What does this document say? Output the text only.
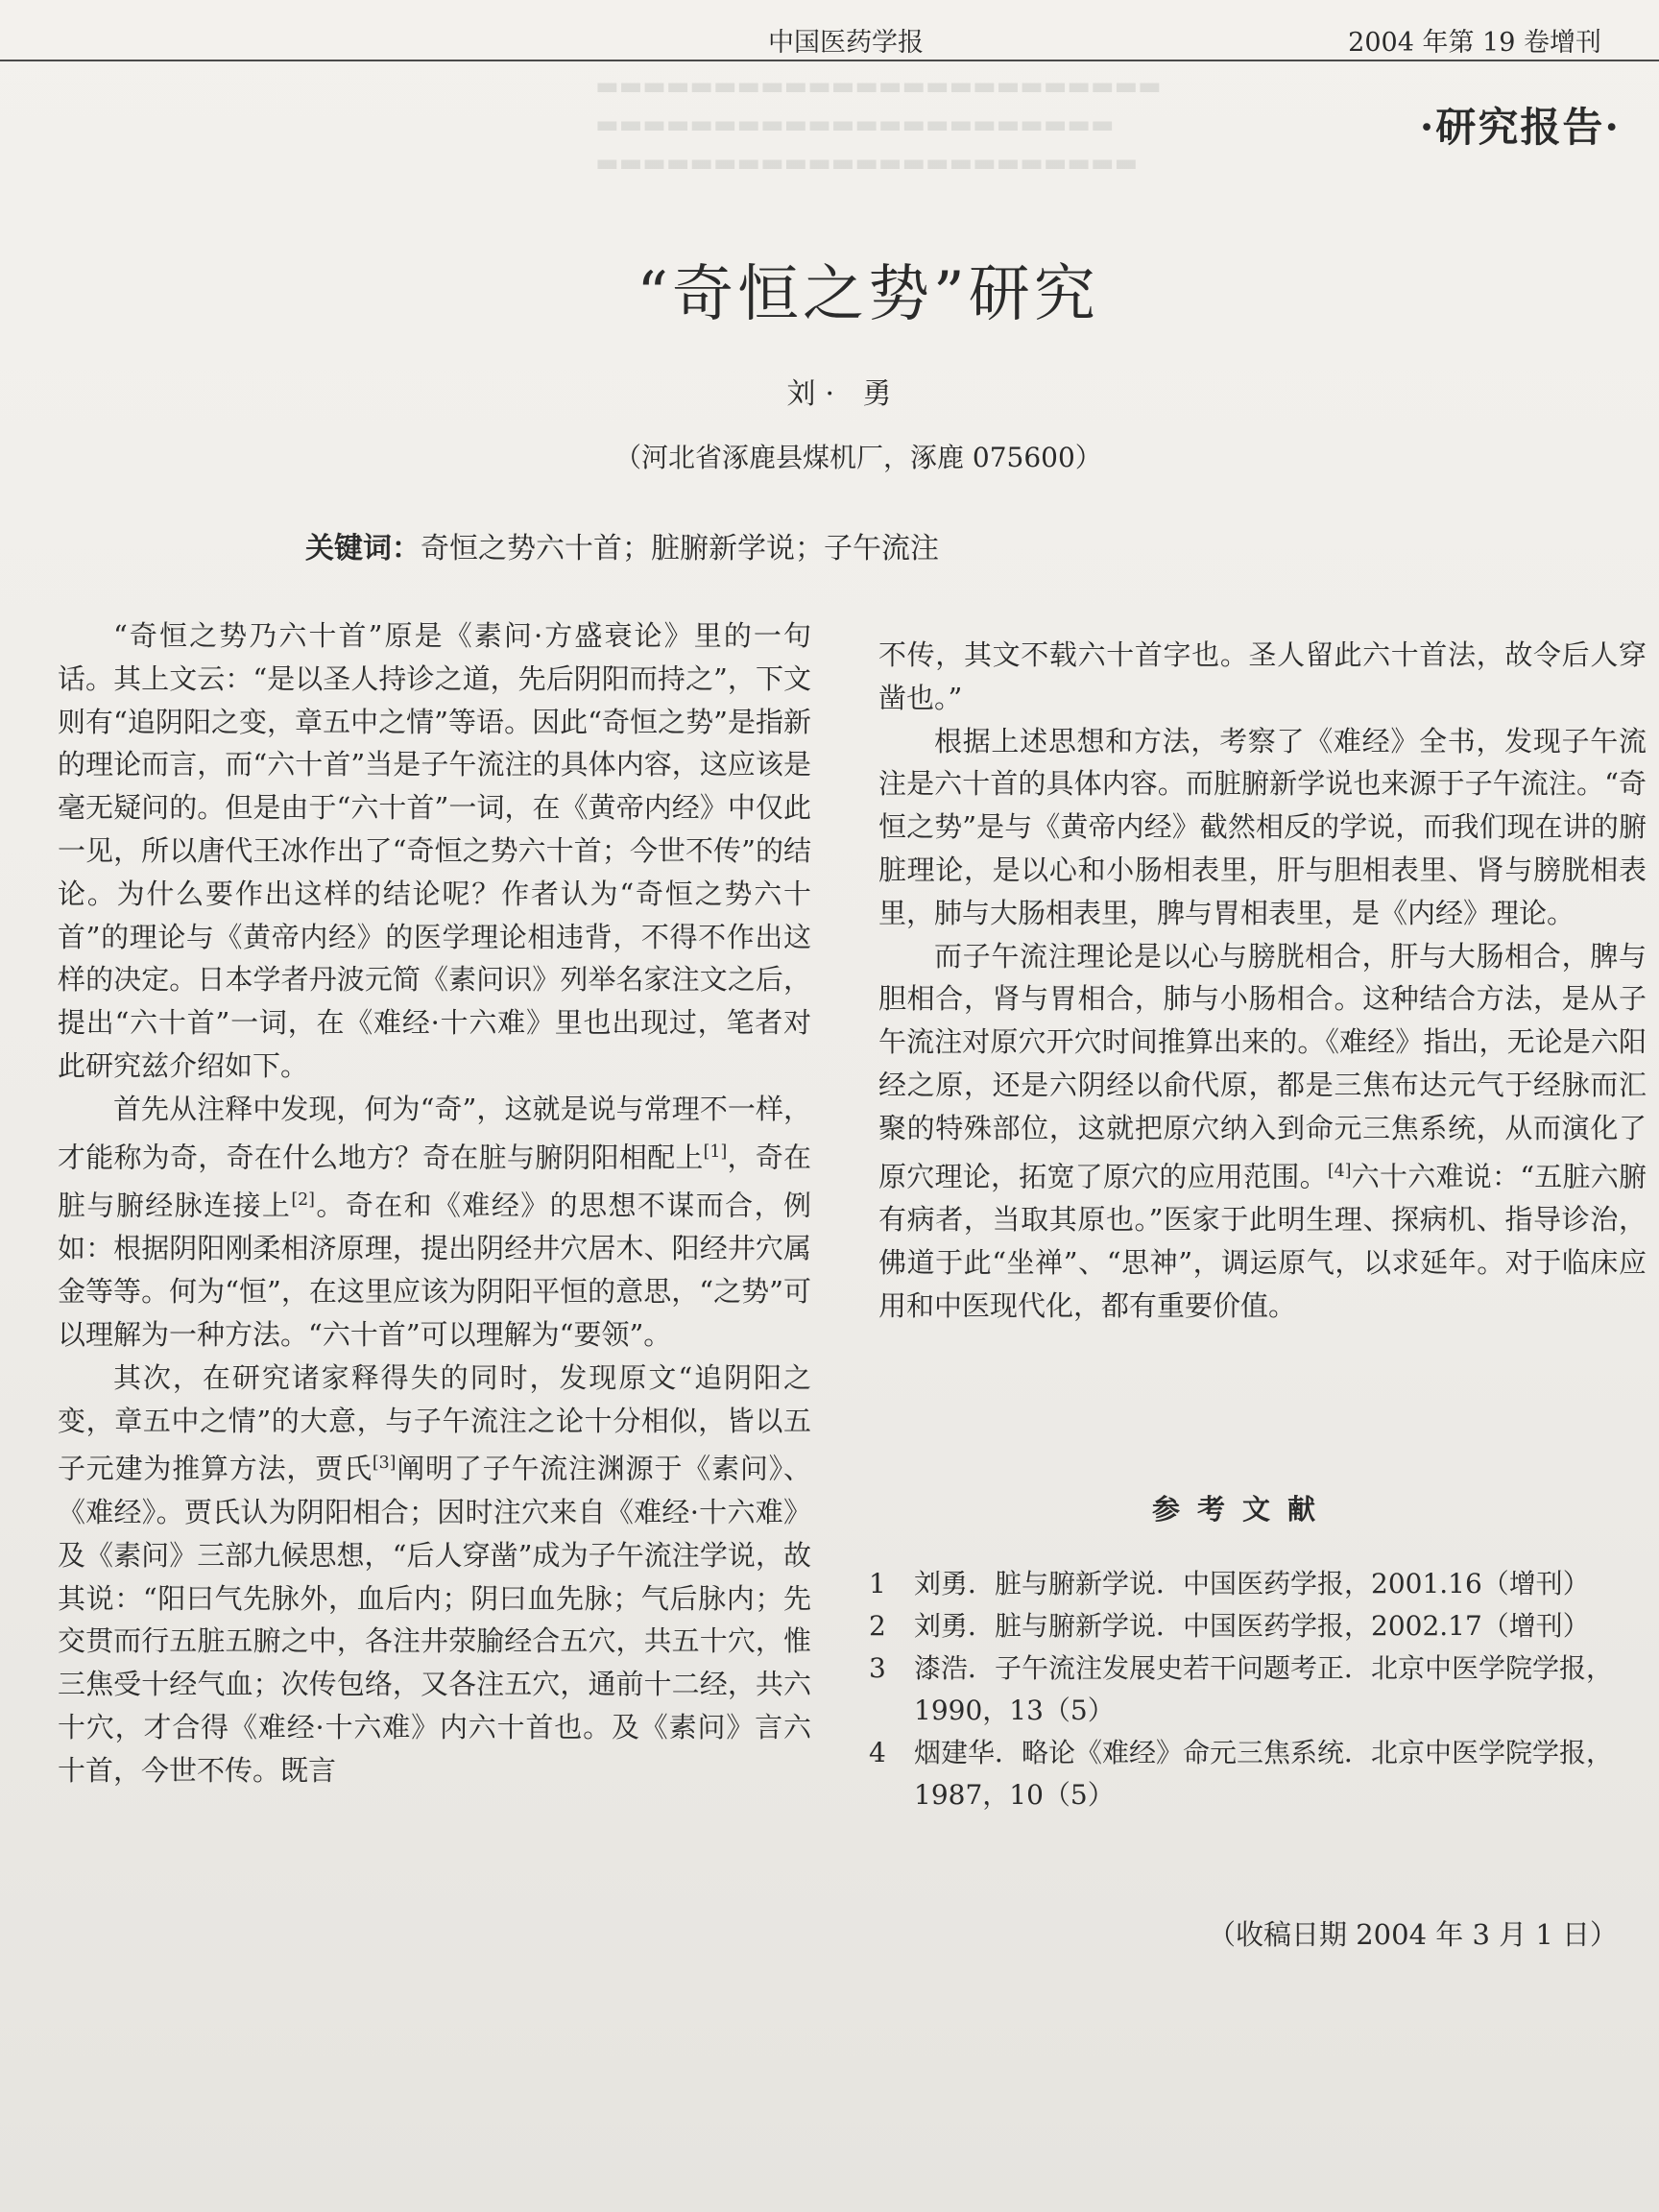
中国医药学报	2004 年第 19 卷增刊
·研究报告·
“奇恒之势”研究
刘· 勇
（河北省涿鹿县煤机厂，涿鹿 075600）
关键词：奇恒之势六十首；脏腑新学说；子午流注

“奇恒之势乃六十首”原是《素问·方盛衰论》里的一句话。其上文云：“是以圣人持诊之道，先后阴阳而持之”，下文则有“追阴阳之变，章五中之情”等语。因此“奇恒之势”是指新的理论而言，而“六十首”当是子午流注的具体内容，这应该是毫无疑问的。但是由于“六十首”一词，在《黄帝内经》中仅此一见，所以唐代王冰作出了“奇恒之势六十首；今世不传”的结论。为什么要作出这样的结论呢？作者认为“奇恒之势六十首”的理论与《黄帝内经》的医学理论相违背，不得不作出这样的决定。日本学者丹波元简《素问识》列举名家注文之后，提出“六十首”一词，在《难经·十六难》里也出现过，笔者对此研究兹介绍如下。

首先从注释中发现，何为“奇”，这就是说与常理不一样，才能称为奇，奇在什么地方？奇在脏与腑阴阳相配上[1]，奇在脏与腑经脉连接上[2]。奇在和《难经》的思想不谋而合，例如：根据阴阳刚柔相济原理，提出阴经井穴居木、阳经井穴属金等等。何为“恒”，在这里应该为阴阳平恒的意思，“之势”可以理解为一种方法。“六十首”可以理解为“要领”。

其次，在研究诸家释得失的同时，发现原文“追阴阳之变，章五中之情”的大意，与子午流注之论十分相似，皆以五子元建为推算方法，贾氏[3]阐明了子午流注渊源于《素问》、《难经》。贾氏认为阴阳相合；因时注穴来自《难经·十六难》及《素问》三部九候思想，“后人穿凿”成为子午流注学说，故其说：“阳曰气先脉外，血后内；阴曰血先脉；气后脉内；先交贯而行五脏五腑之中，各注井荥腧经合五穴，共五十穴，惟三焦受十经气血；次传包络，又各注五穴，通前十二经，共六十穴，才合得《难经·十六难》内六十首也。及《素问》言六十首，今世不传。既言

不传，其文不载六十首字也。圣人留此六十首法，故令后人穿凿也。”

根据上述思想和方法，考察了《难经》全书，发现子午流注是六十首的具体内容。而脏腑新学说也来源于子午流注。“奇恒之势”是与《黄帝内经》截然相反的学说，而我们现在讲的腑脏理论，是以心和小肠相表里，肝与胆相表里、肾与膀胱相表里，肺与大肠相表里，脾与胃相表里，是《内经》理论。

而子午流注理论是以心与膀胱相合，肝与大肠相合，脾与胆相合，肾与胃相合，肺与小肠相合。这种结合方法，是从子午流注对原穴开穴时间推算出来的。《难经》指出，无论是六阳经之原，还是六阴经以俞代原，都是三焦布达元气于经脉而汇聚的特殊部位，这就把原穴纳入到命元三焦系统，从而演化了原穴理论，拓宽了原穴的应用范围。[4]六十六难说：“五脏六腑有病者，当取其原也。”医家于此明生理、探病机、指导诊治，佛道于此“坐禅”、“思神”，调运原气，以求延年。对于临床应用和中医现代化，都有重要价值。

参考文献
1	刘勇．脏与腑新学说．中国医药学报，2001.16（增刊）
2	刘勇．脏与腑新学说．中国医药学报，2002.17（增刊）
3	漆浩．子午流注发展史若干问题考正．北京中医学院学报，1990，13（5）
4	烟建华．略论《难经》命元三焦系统．北京中医学院学报，1987，10（5）
（收稿日期 2004 年 3 月 1 日）
